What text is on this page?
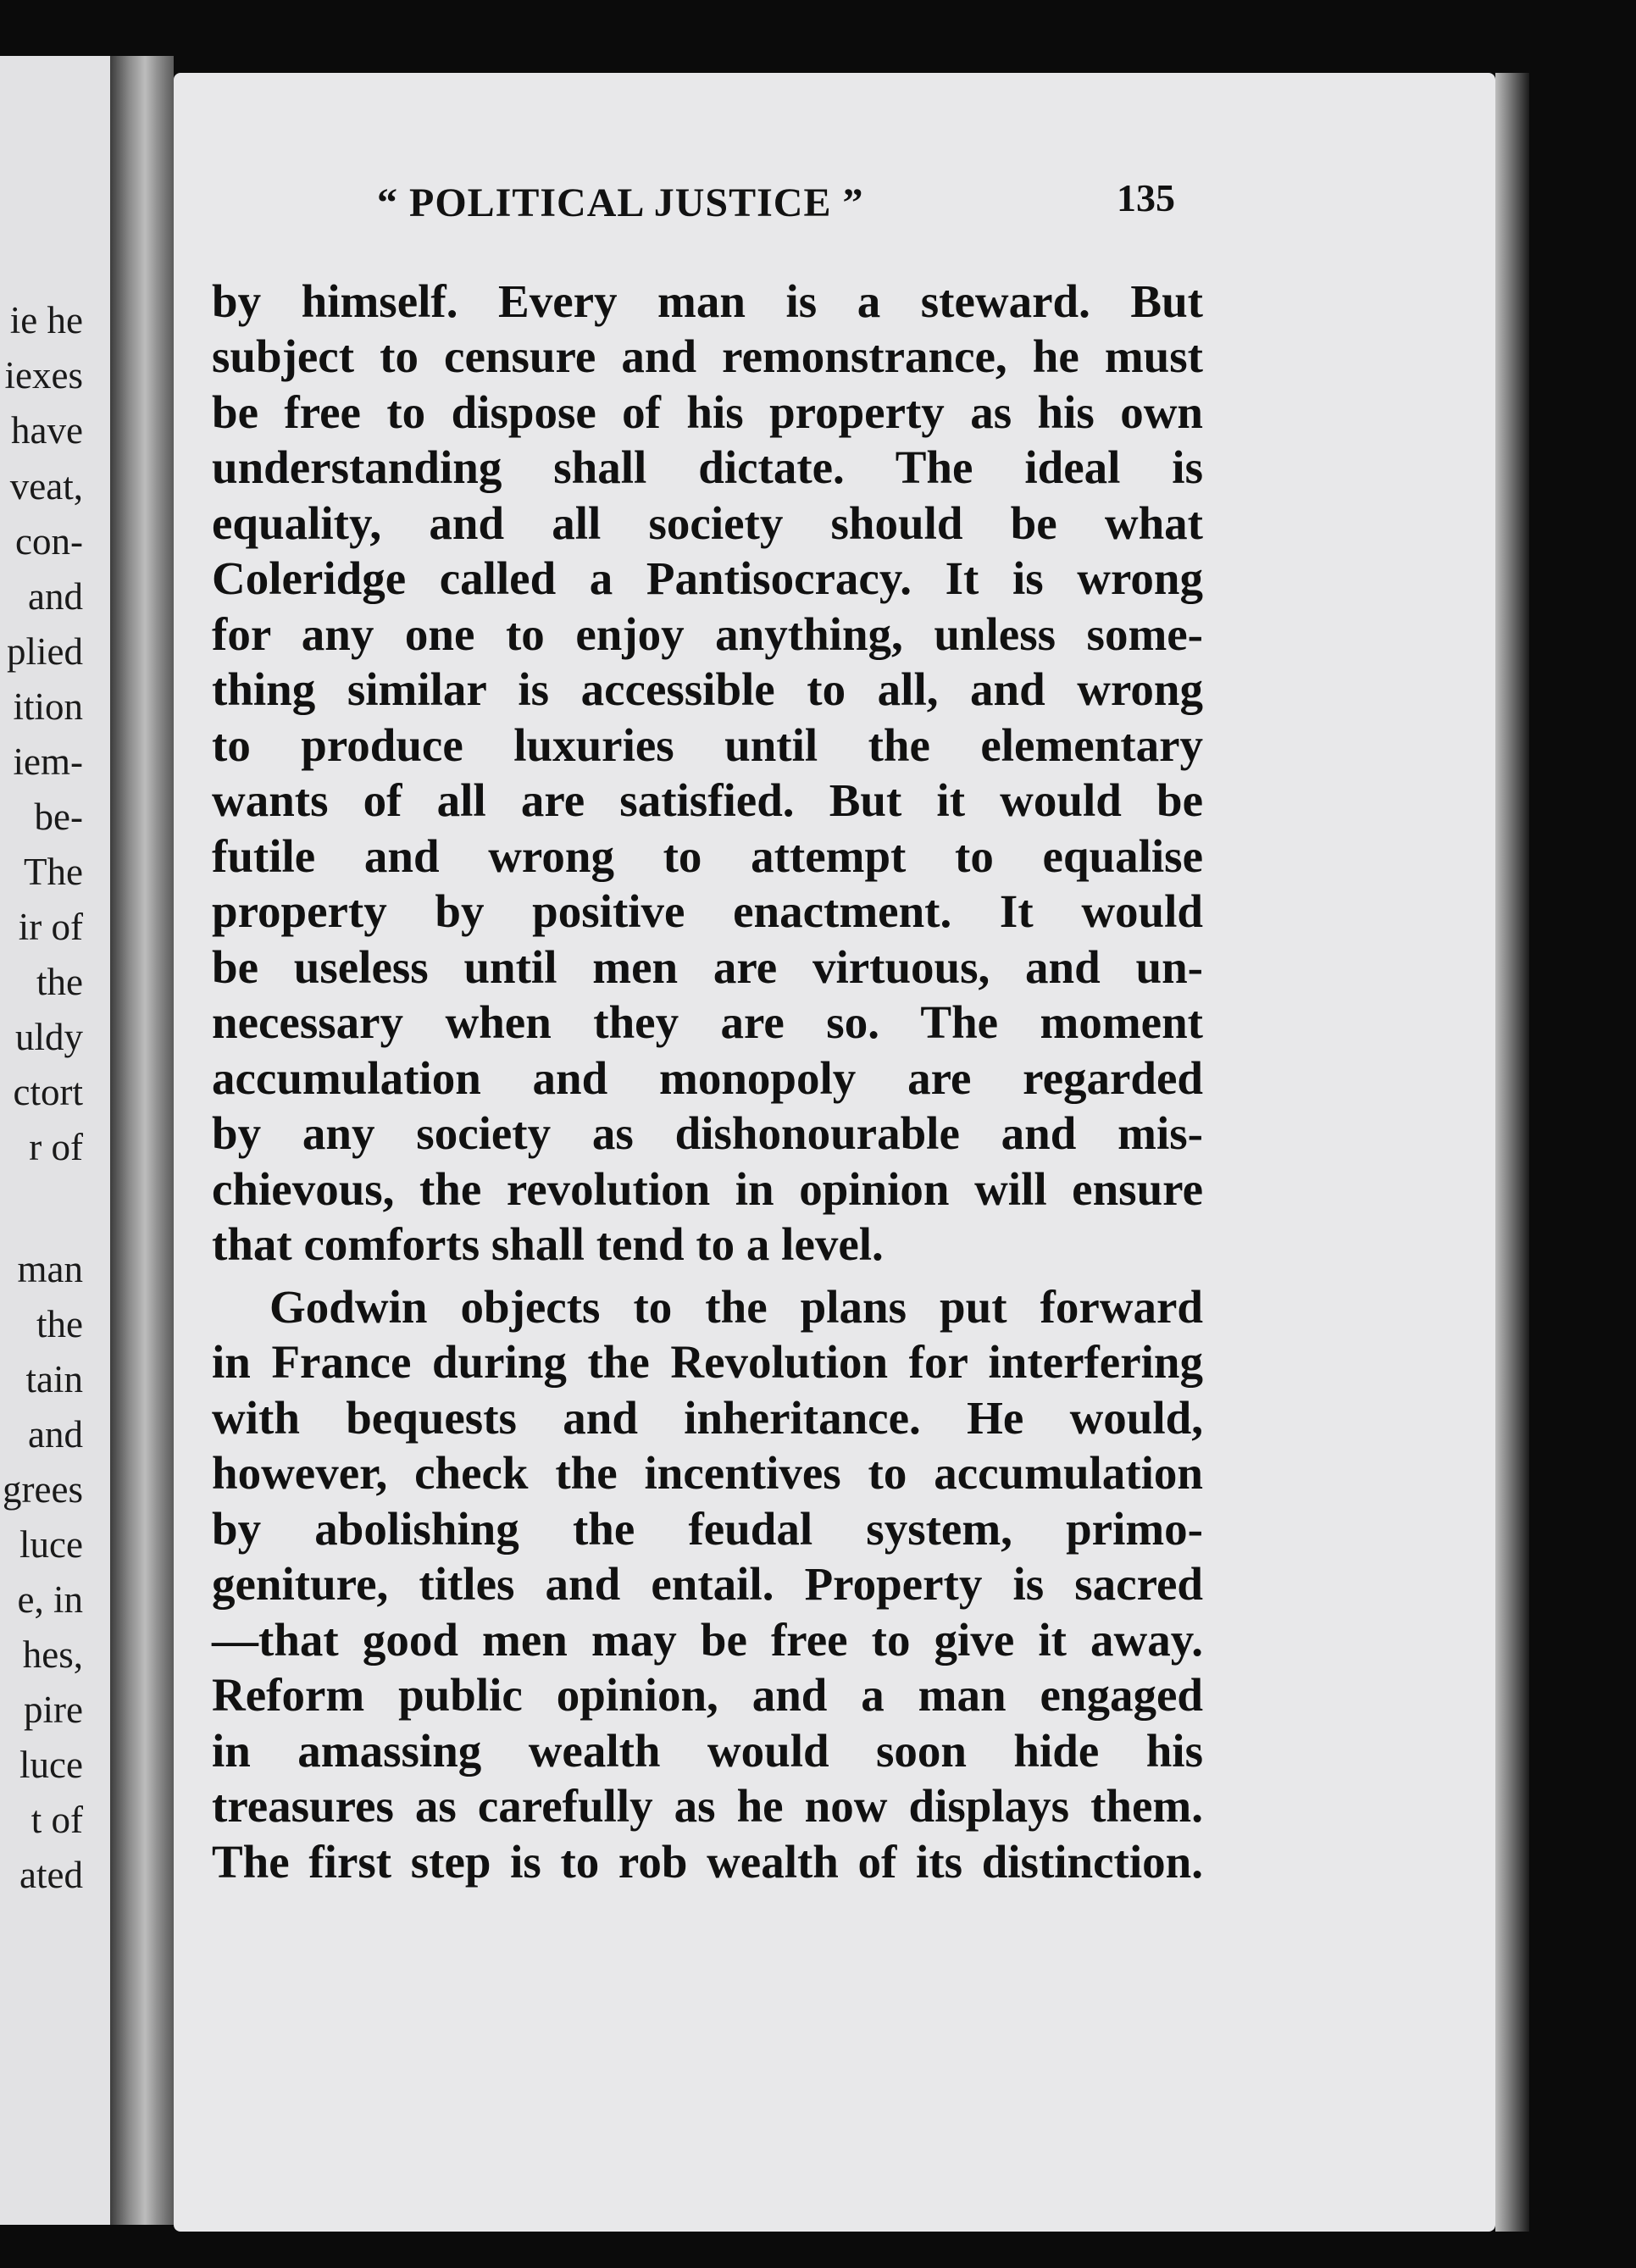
ie he
iexes
have
veat,
con-
and
plied
ition
iem-
be-
The
ir of
the
uldy
ctort
r of
man
the
tain
and
grees
luce
e, in
hes,
pire
luce
t of
ated
“ POLITICAL JUSTICE ”	135
by himself. Every man is a steward. But
subject to censure and remonstrance, he must
be free to dispose of his property as his own
understanding shall dictate. The ideal is
equality, and all society should be what
Coleridge called a Pantisocracy. It is wrong
for any one to enjoy anything, unless some-
thing similar is accessible to all, and wrong
to produce luxuries until the elementary
wants of all are satisfied. But it would be
futile and wrong to attempt to equalise
property by positive enactment. It would
be useless until men are virtuous, and un-
necessary when they are so. The moment
accumulation and monopoly are regarded
by any society as dishonourable and mis-
chievous, the revolution in opinion will ensure
that comforts shall tend to a level.
Godwin objects to the plans put forward
in France during the Revolution for interfering
with bequests and inheritance. He would,
however, check the incentives to accumulation
by abolishing the feudal system, primo-
geniture, titles and entail. Property is sacred
—that good men may be free to give it away.
Reform public opinion, and a man engaged
in amassing wealth would soon hide his
treasures as carefully as he now displays them.
The first step is to rob wealth of its distinction.
